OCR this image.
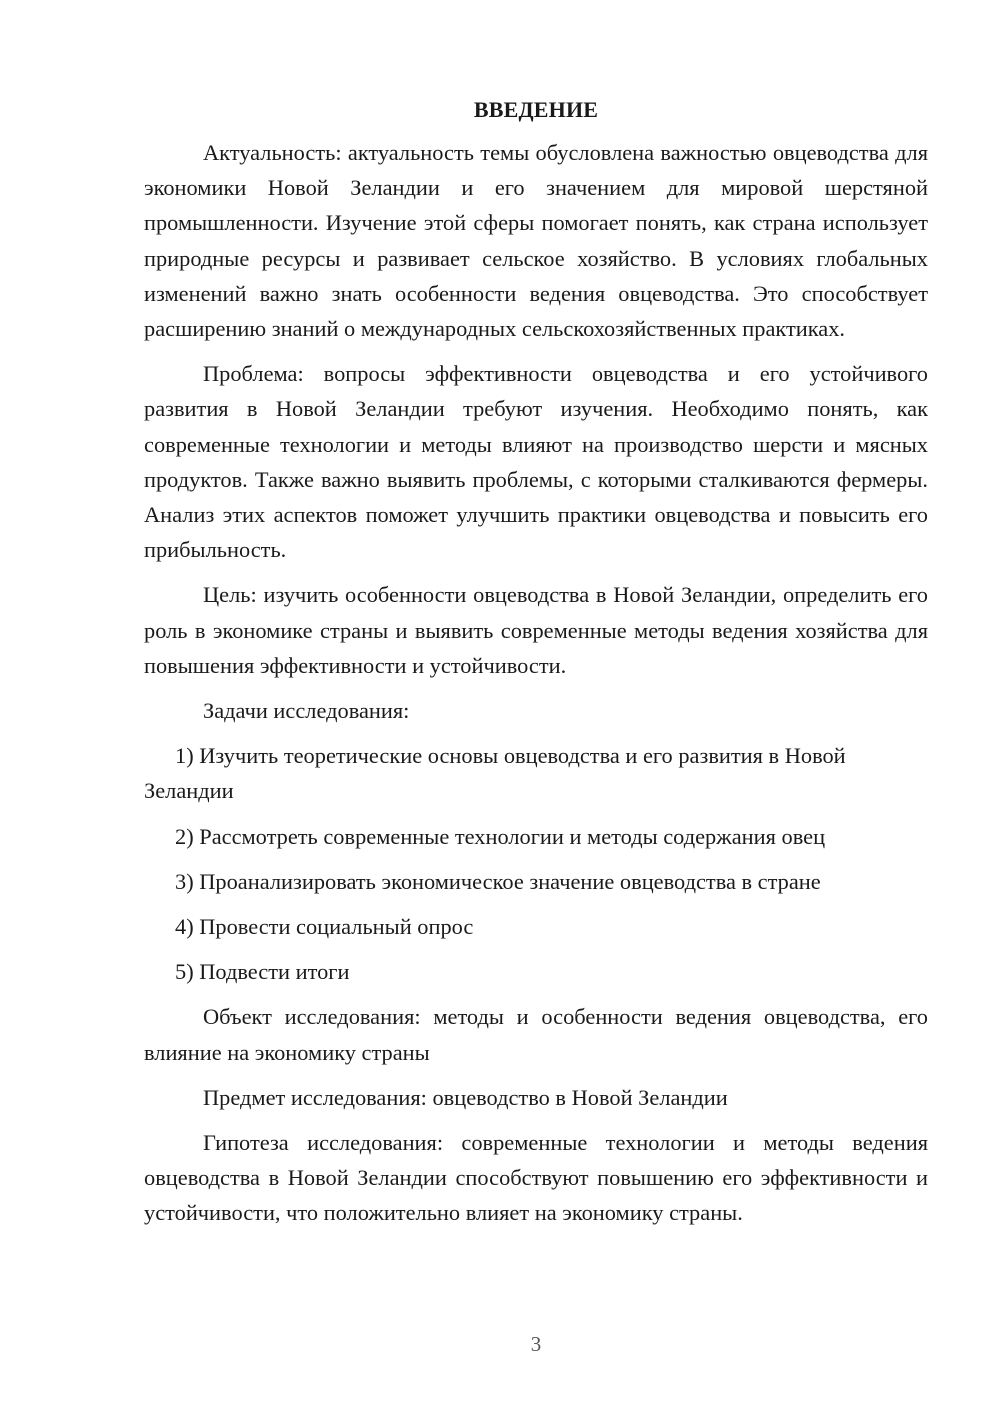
ВВЕДЕНИЕ

Актуальность: актуальность темы обусловлена важностью овцеводства для экономики Новой Зеландии и его значением для мировой шерстяной промышленности. Изучение этой сферы помогает понять, как страна использует природные ресурсы и развивает сельское хозяйство. В условиях глобальных изменений важно знать особенности ведения овцеводства. Это способствует расширению знаний о международных сельскохозяйственных практиках.

Проблема: вопросы эффективности овцеводства и его устойчивого развития в Новой Зеландии требуют изучения. Необходимо понять, как современные технологии и методы влияют на производство шерсти и мясных продуктов. Также важно выявить проблемы, с которыми сталкиваются фермеры. Анализ этих аспектов поможет улучшить практики овцеводства и повысить его прибыльность.

Цель: изучить особенности овцеводства в Новой Зеландии, определить его роль в экономике страны и выявить современные методы ведения хозяйства для повышения эффективности и устойчивости.

Задачи исследования:

1) Изучить теоретические основы овцеводства и его развития в Новой Зеландии

2) Рассмотреть современные технологии и методы содержания овец

3) Проанализировать экономическое значение овцеводства в стране

4) Провести социальный опрос

5) Подвести итоги

Объект исследования: методы и особенности ведения овцеводства, его влияние на экономику страны

Предмет исследования: овцеводство в Новой Зеландии

Гипотеза исследования: современные технологии и методы ведения овцеводства в Новой Зеландии способствуют повышению его эффективности и устойчивости, что положительно влияет на экономику страны.

3
